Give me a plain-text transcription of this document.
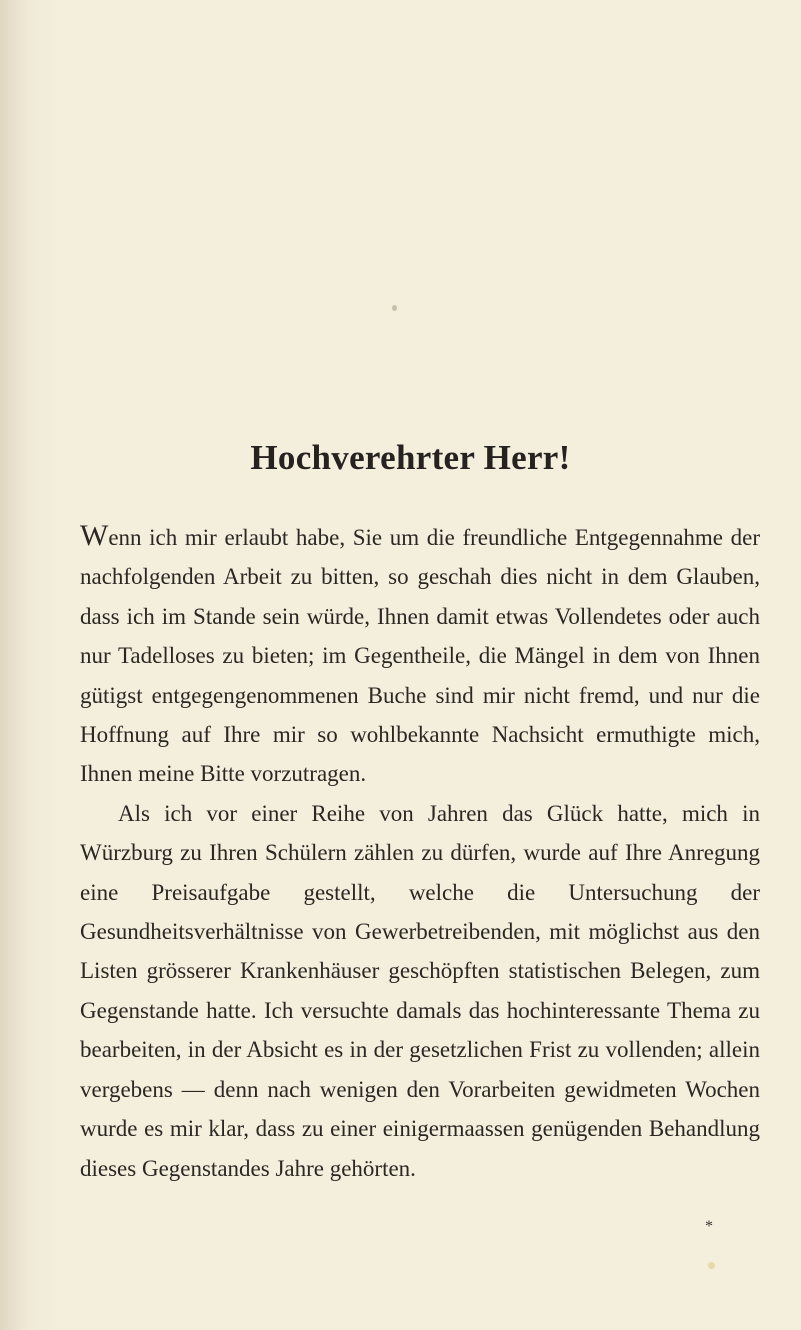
Hochverehrter Herr!

Wenn ich mir erlaubt habe, Sie um die freundliche Entgegennahme der nachfolgenden Arbeit zu bitten, so geschah dies nicht in dem Glauben, dass ich im Stande sein würde, Ihnen damit etwas Vollendetes oder auch nur Tadelloses zu bieten; im Gegentheile, die Mängel in dem von Ihnen gütigst entgegengenommenen Buche sind mir nicht fremd, und nur die Hoffnung auf Ihre mir so wohlbekannte Nachsicht ermuthigte mich, Ihnen meine Bitte vorzutragen.

Als ich vor einer Reihe von Jahren das Glück hatte, mich in Würzburg zu Ihren Schülern zählen zu dürfen, wurde auf Ihre Anregung eine Preisaufgabe gestellt, welche die Untersuchung der Gesundheitsverhältnisse von Gewerbetreibenden, mit möglichst aus den Listen grösserer Krankenhäuser geschöpften statistischen Belegen, zum Gegenstande hatte. Ich versuchte damals das hochinteressante Thema zu bearbeiten, in der Absicht es in der gesetzlichen Frist zu vollenden; allein vergebens — denn nach wenigen den Vorarbeiten gewidmeten Wochen wurde es mir klar, dass zu einer einigermaassen genügenden Behandlung dieses Gegenstandes Jahre gehörten.

*
